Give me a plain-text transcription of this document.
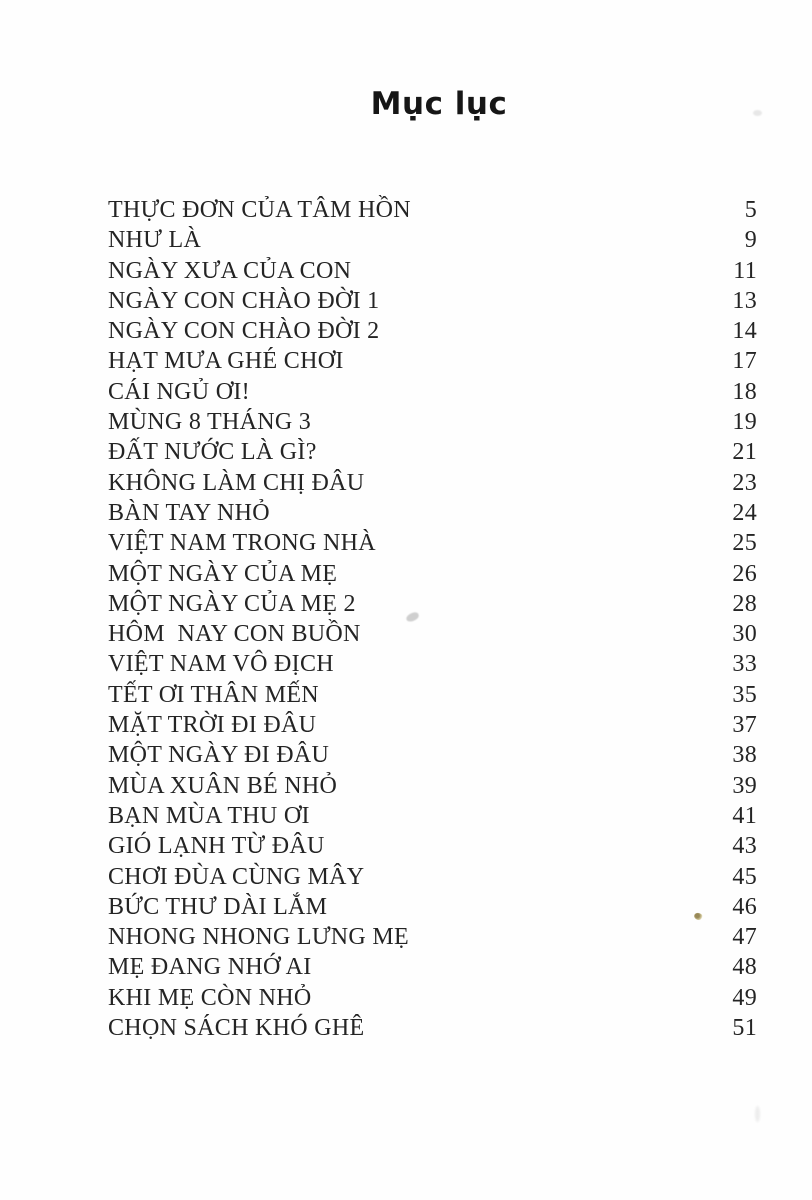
Mục lục
THỰC ĐƠN CỦA TÂM HỒN	5
NHƯ LÀ	9
NGÀY XƯA CỦA CON	11
NGÀY CON CHÀO ĐỜI 1	13
NGÀY CON CHÀO ĐỜI 2	14
HẠT MƯA GHÉ CHƠI	17
CÁI NGỦ ƠI!	18
MÙNG 8 THÁNG 3	19
ĐẤT NƯỚC LÀ GÌ?	21
KHÔNG LÀM CHỊ ĐÂU	23
BÀN TAY NHỎ	24
VIỆT NAM TRONG NHÀ	25
MỘT NGÀY CỦA MẸ	26
MỘT NGÀY CỦA MẸ 2	28
HÔM  NAY CON BUỒN	30
VIỆT NAM VÔ ĐỊCH	33
TẾT ƠI THÂN MẾN	35
MẶT TRỜI ĐI ĐÂU	37
MỘT NGÀY ĐI ĐÂU	38
MÙA XUÂN BÉ NHỎ	39
BẠN MÙA THU ƠI	41
GIÓ LẠNH TỪ ĐÂU	43
CHƠI ĐÙA CÙNG MÂY	45
BỨC THƯ DÀI LẮM	46
NHONG NHONG LƯNG MẸ	47
MẸ ĐANG NHỚ AI	48
KHI MẸ CÒN NHỎ	49
CHỌN SÁCH KHÓ GHÊ	51
